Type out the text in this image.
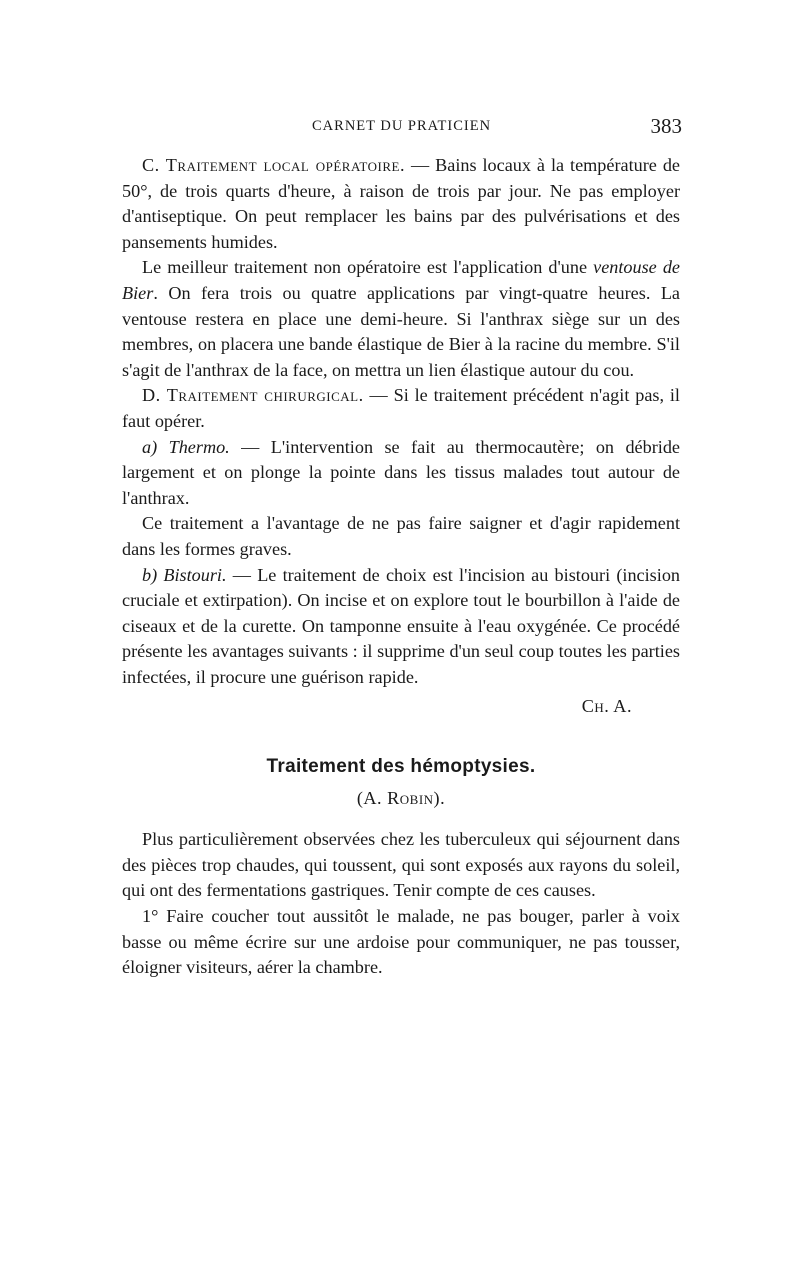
CARNET DU PRATICIEN	383

C. Traitement local opératoire. — Bains locaux à la température de 50°, de trois quarts d'heure, à raison de trois par jour. Ne pas employer d'antiseptique. On peut remplacer les bains par des pulvérisations et des pansements humides.

Le meilleur traitement non opératoire est l'application d'une ventouse de Bier. On fera trois ou quatre applications par vingt-quatre heures. La ventouse restera en place une demi-heure. Si l'anthrax siège sur un des membres, on placera une bande élastique de Bier à la racine du membre. S'il s'agit de l'anthrax de la face, on mettra un lien élastique autour du cou.

D. Traitement chirurgical. — Si le traitement précédent n'agit pas, il faut opérer.

a) Thermo. — L'intervention se fait au thermocautère; on débride largement et on plonge la pointe dans les tissus malades tout autour de l'anthrax.

Ce traitement a l'avantage de ne pas faire saigner et d'agir rapidement dans les formes graves.

b) Bistouri. — Le traitement de choix est l'incision au bistouri (incision cruciale et extirpation). On incise et on explore tout le bourbillon à l'aide de ciseaux et de la curette. On tamponne ensuite à l'eau oxygénée. Ce procédé présente les avantages suivants : il supprime d'un seul coup toutes les parties infectées, il procure une guérison rapide.

Ch. A.

Traitement des hémoptysies.

(A. Robin).

Plus particulièrement observées chez les tuberculeux qui séjournent dans des pièces trop chaudes, qui toussent, qui sont exposés aux rayons du soleil, qui ont des fermentations gastriques. Tenir compte de ces causes.

1° Faire coucher tout aussitôt le malade, ne pas bouger, parler à voix basse ou même écrire sur une ardoise pour communiquer, ne pas tousser, éloigner visiteurs, aérer la chambre.
